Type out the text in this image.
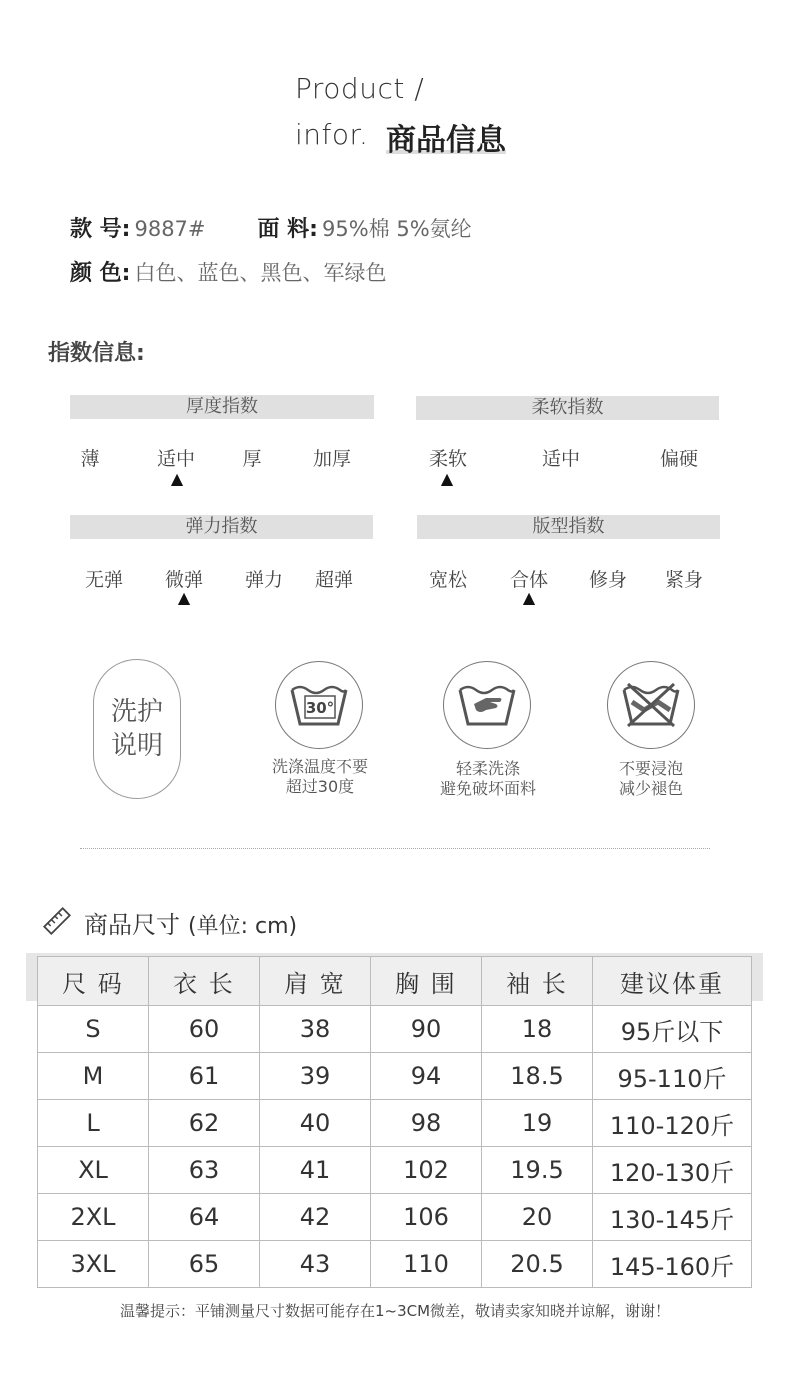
Product /
infor. 商品信息
款 号: 9887# 面 料: 95%棉 5%氨纶
颜 色: 白色、蓝色、黑色、军绿色
指数信息:
厚度指数
薄	适中 厚	加厚
▲
柔软指数
柔软	适中	偏硬
▲
弹力指数
无弹 微弹 弹力 超弹
▲
版型指数
宽松 合体 修身 紧身
▲
洗护
说明
30°
洗涤温度不要
超过30度
轻柔洗涤
避免破坏面料
不要浸泡
减少褪色
商品尺寸 (单位: cm)
尺 码	衣 长	肩 宽	胸 围	袖 长	建议体重
S	60	38	90	18	95斤以下
M	61	39	94	18.5	95-110斤
L	62	40	98	19	110-120斤
XL	63	41	102	19.5	120-130斤
2XL	64	42	106	20	130-145斤
3XL	65	43	110	20.5	145-160斤
温馨提示：平铺测量尺寸数据可能存在1~3CM微差，敬请卖家知晓并谅解，谢谢！
